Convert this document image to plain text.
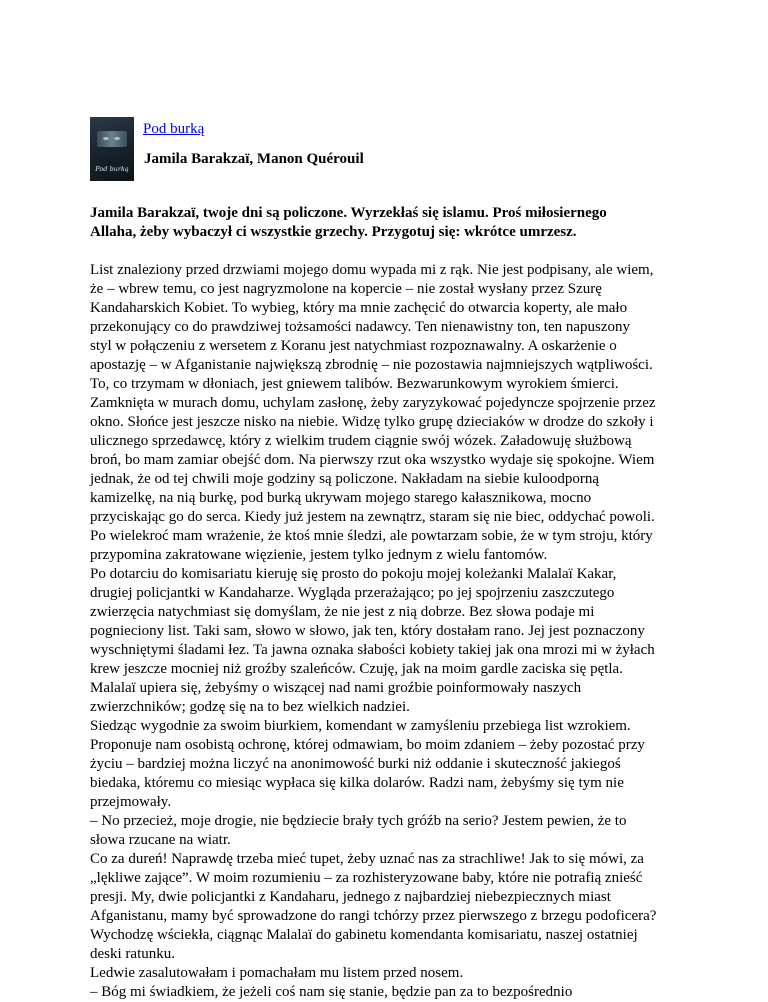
Pod burką
Pod burką
Jamila Barakzaï, Manon Quérouil
Jamila Barakzaï, twoje dni są policzone. Wyrzekłaś się islamu. Proś miłosiernego
Allaha, żeby wybaczył ci wszystkie grzechy. Przygotuj się: wkrótce umrzesz.
List znaleziony przed drzwiami mojego domu wypada mi z rąk. Nie jest podpisany, ale wiem,
że – wbrew temu, co jest nagryzmolone na kopercie – nie został wysłany przez Szurę
Kandaharskich Kobiet. To wybieg, który ma mnie zachęcić do otwarcia koperty, ale mało
przekonujący co do prawdziwej tożsamości nadawcy. Ten nienawistny ton, ten napuszony
styl w połączeniu z wersetem z Koranu jest natychmiast rozpoznawalny. A oskarżenie o
apostazję – w Afganistanie największą zbrodnię – nie pozostawia najmniejszych wątpliwości.
To, co trzymam w dłoniach, jest gniewem talibów. Bezwarunkowym wyrokiem śmierci.
Zamknięta w murach domu, uchylam zasłonę, żeby zaryzykować pojedyncze spojrzenie przez
okno. Słońce jest jeszcze nisko na niebie. Widzę tylko grupę dzieciaków w drodze do szkoły i
ulicznego sprzedawcę, który z wielkim trudem ciągnie swój wózek. Załadowuję służbową
broń, bo mam zamiar obejść dom. Na pierwszy rzut oka wszystko wydaje się spokojne. Wiem
jednak, że od tej chwili moje godziny są policzone. Nakładam na siebie kuloodporną
kamizelkę, na nią burkę, pod burką ukrywam mojego starego kałasznikowa, mocno
przyciskając go do serca. Kiedy już jestem na zewnątrz, staram się nie biec, oddychać powoli.
Po wielekroć mam wrażenie, że ktoś mnie śledzi, ale powtarzam sobie, że w tym stroju, który
przypomina zakratowane więzienie, jestem tylko jednym z wielu fantomów.
Po dotarciu do komisariatu kieruję się prosto do pokoju mojej koleżanki Malalaï Kakar,
drugiej policjantki w Kandaharze. Wygląda przerażająco; po jej spojrzeniu zaszczutego
zwierzęcia natychmiast się domyślam, że nie jest z nią dobrze. Bez słowa podaje mi
pognieciony list. Taki sam, słowo w słowo, jak ten, który dostałam rano. Jej jest poznaczony
wyschniętymi śladami łez. Ta jawna oznaka słabości kobiety takiej jak ona mrozi mi w żyłach
krew jeszcze mocniej niż groźby szaleńców. Czuję, jak na moim gardle zaciska się pętla.
Malalaï upiera się, żebyśmy o wiszącej nad nami groźbie poinformowały naszych
zwierzchników; godzę się na to bez wielkich nadziei.
Siedząc wygodnie za swoim biurkiem, komendant w zamyśleniu przebiega list wzrokiem.
Proponuje nam osobistą ochronę, której odmawiam, bo moim zdaniem – żeby pozostać przy
życiu – bardziej można liczyć na anonimowość burki niż oddanie i skuteczność jakiegoś
biedaka, któremu co miesiąc wypłaca się kilka dolarów. Radzi nam, żebyśmy się tym nie
przejmowały.
– No przecież, moje drogie, nie będziecie brały tych gróźb na serio? Jestem pewien, że to
słowa rzucane na wiatr.
Co za dureń! Naprawdę trzeba mieć tupet, żeby uznać nas za strachliwe! Jak to się mówi, za
„lękliwe zające”. W moim rozumieniu – za rozhisteryzowane baby, które nie potrafią znieść
presji. My, dwie policjantki z Kandaharu, jednego z najbardziej niebezpiecznych miast
Afganistanu, mamy być sprowadzone do rangi tchórzy przez pierwszego z brzegu podoficera?
Wychodzę wściekła, ciągnąc Malalaï do gabinetu komendanta komisariatu, naszej ostatniej
deski ratunku.
Ledwie zasalutowałam i pomachałam mu listem przed nosem.
– Bóg mi świadkiem, że jeżeli coś nam się stanie, będzie pan za to bezpośrednio
